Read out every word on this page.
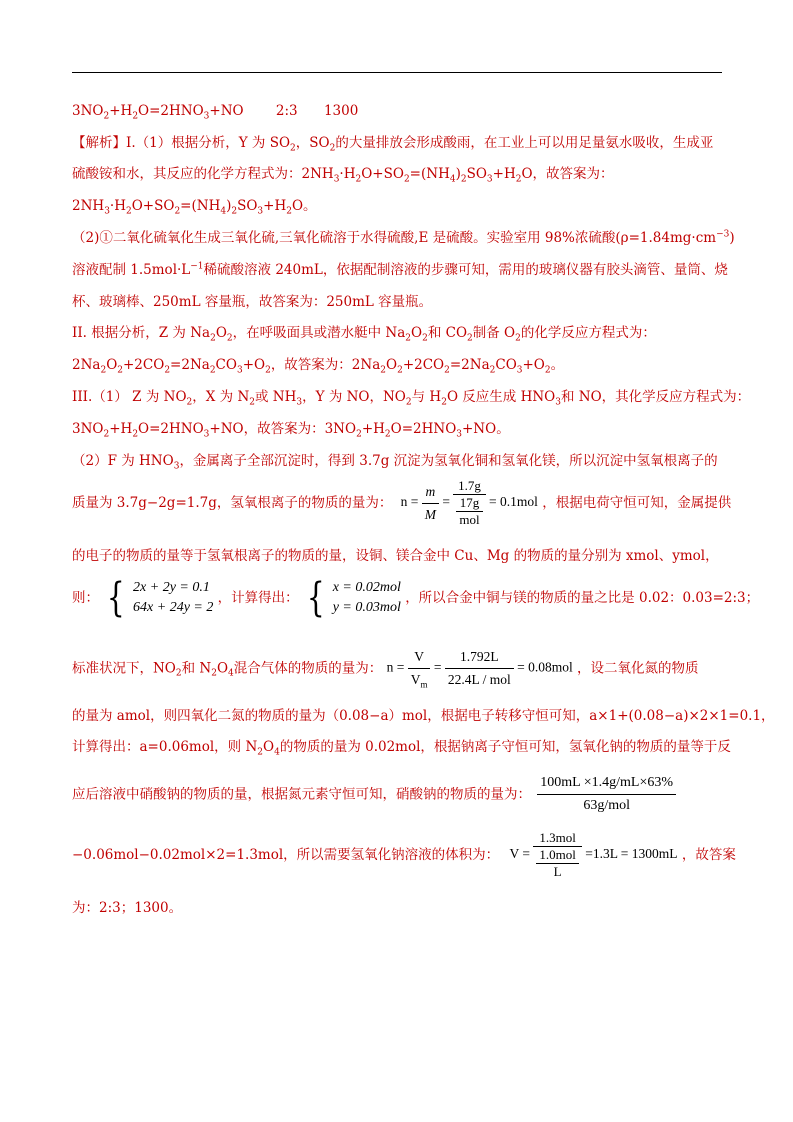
$3NO_2+H_2O=2HNO_3+NO$ 2:3 1300
【解析】I.（1）根据分析，Y 为 $SO_2$，$SO_2$的大量排放会形成酸雨，在工业上可以用足量氨水吸收，生成亚
硫酸铵和水，其反应的化学方程式为：$2NH_3\cdot H_2O+SO_2=(NH_4)_2SO_3+H_2O$，故答案为：
$2NH_3\cdot H_2O+SO_2=(NH_4)_2SO_3+H_2O$。
（2)①二氧化硫氧化生成三氧化硫,三氧化硫溶于水得硫酸,E 是硫酸。实验室用 98%浓硫酸$(\rho=1.84mg\cdot cm^{-3})$
溶液配制 $1.5mol\cdot L^{-1}$稀硫酸溶液 240mL，依据配制溶液的步骤可知，需用的玻璃仪器有胶头滴管、量筒、烧
杯、玻璃棒、250mL 容量瓶，故答案为：250mL 容量瓶。
II. 根据分析，Z 为 $Na_2O_2$，在呼吸面具或潜水艇中 $Na_2O_2$和 $CO_2$制备 $O_2$的化学反应方程式为：
$2Na_2O_2+2CO_2=2Na_2CO_3+O_2$，故答案为：$2Na_2O_2+2CO_2=2Na_2CO_3+O_2$。
III.（1） Z 为 $NO_2$，X 为 $N_2$或 $NH_3$，Y 为 NO，$NO_2$与 $H_2O$ 反应生成 $HNO_3$和 NO，其化学反应方程式为：
$3NO_2+H_2O=2HNO_3+NO$，故答案为：$3NO_2+H_2O=2HNO_3+NO$。
（2）F 为 $HNO_3$，金属离子全部沉淀时，得到 3.7g 沉淀为氢氧化铜和氢氧化镁，所以沉淀中氢氧根离子的
质量为 3.7g−2g=1.7g，氢氧根离子的物质的量为： $n = \frac{m}{M} = \frac{1.7g}{\frac{17g}{\text{mol}}} = 0.1mol$ ，根据电荷守恒可知，金属提供
的电子的物质的量等于氢氧根离子的物质的量，设铜、镁合金中 Cu、Mg 的物质的量分别为 xmol、ymol，
则： { 2x + 2y = 0.1
64x + 24y = 2
，计算得出： { x = 0.02mol
y = 0.03mol
，所以合金中铜与镁的物质的量之比是 0.02：0.03=2:3；
标准状况下，$NO_2$和 $N_2O_4$混合气体的物质的量为： $n = \frac{V}{V_m} = \frac{1.792L}{\text{22.4L / mol}} = 0.08mol$ ，设二氧化氮的物质
的量为 amol，则四氧化二氮的物质的量为（0.08−a）mol，根据电子转移守恒可知，a×1+(0.08−a)×2×1=0.1，
计算得出：a=0.06mol，则 $N_2O_4$的物质的量为 0.02mol，根据钠离子守恒可知，氢氧化钠的物质的量等于反
应后溶液中硝酸钠的物质的量，根据氮元素守恒可知，硝酸钠的物质的量为： $\frac{100mL \times 1.4g/mL\times 63\%}{\text{63g/mol}}$
−0.06mol−0.02mol×2=1.3mol，所以需要氢氧化钠溶液的体积为： $V = \frac{\text{1.3mol}}{\frac{\text{1.0mol}}{L}} =1.3L = 1300mL$ ，故答案
为：2:3；1300。
